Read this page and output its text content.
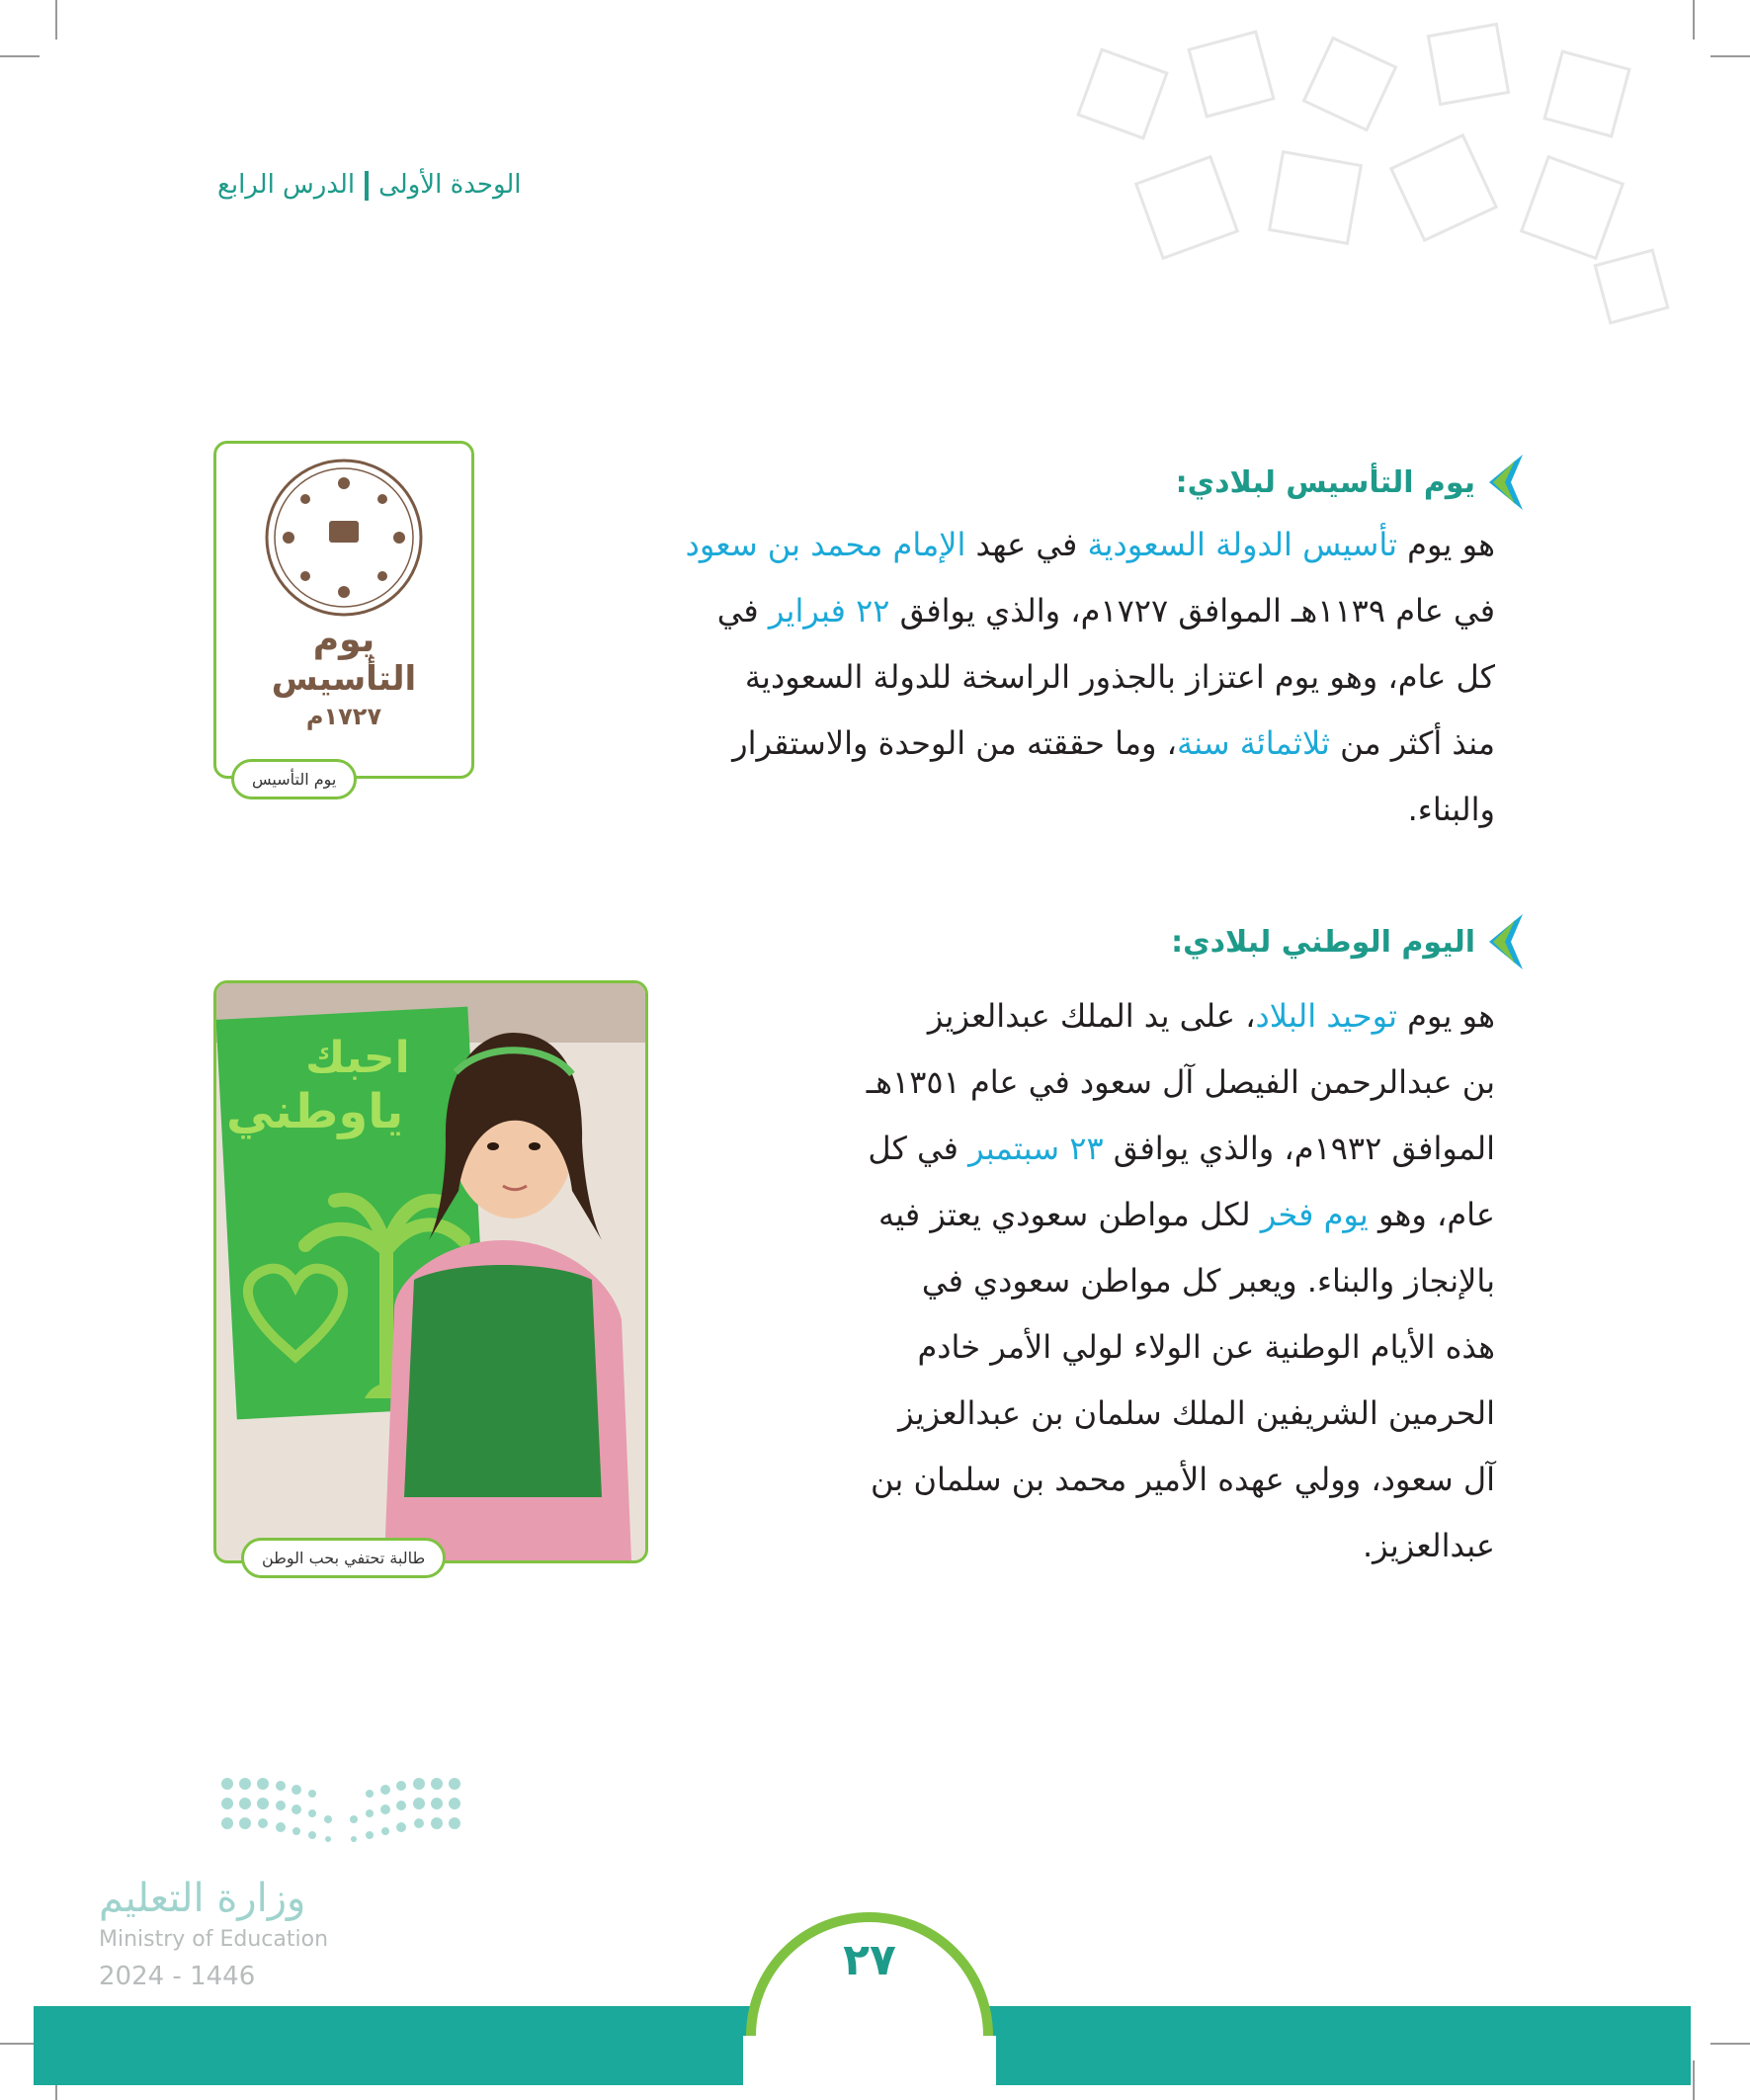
الوحدة الأولىالدرس الرابع
يوم التأسيس لبلادي:
هو يوم تأسيس الدولة السعودية في عهد الإمام محمد بن سعود
في عام ١١٣٩هـ الموافق ١٧٢٧م، والذي يوافق ٢٢ فبراير في
كل عام، وهو يوم اعتزاز بالجذور الراسخة للدولة السعودية
منذ أكثر من ثلاثمائة سنة، وما حققته من الوحدة والاستقرار
والبناء.
يوم
التأسيس
١٧٢٧م
يوم التأسيس
اليوم الوطني لبلادي:
هو يوم توحيد البلاد، على يد الملك عبدالعزيز
بن عبدالرحمن الفيصل آل سعود في عام ١٣٥١هـ
الموافق ١٩٣٢م، والذي يوافق ٢٣ سبتمبر في كل
عام، وهو يوم فخر لكل مواطن سعودي يعتز فيه
بالإنجاز والبناء. ويعبر كل مواطن سعودي في
هذه الأيام الوطنية عن الولاء لولي الأمر خادم
الحرمين الشريفين الملك سلمان بن عبدالعزيز
آل سعود، وولي عهده الأمير محمد بن سلمان بن
عبدالعزيز.
احبك
ياوطني
طالبة تحتفي بحب الوطن
وزارة التعليم
Ministry of Education
2024 - 1446	٢٧
